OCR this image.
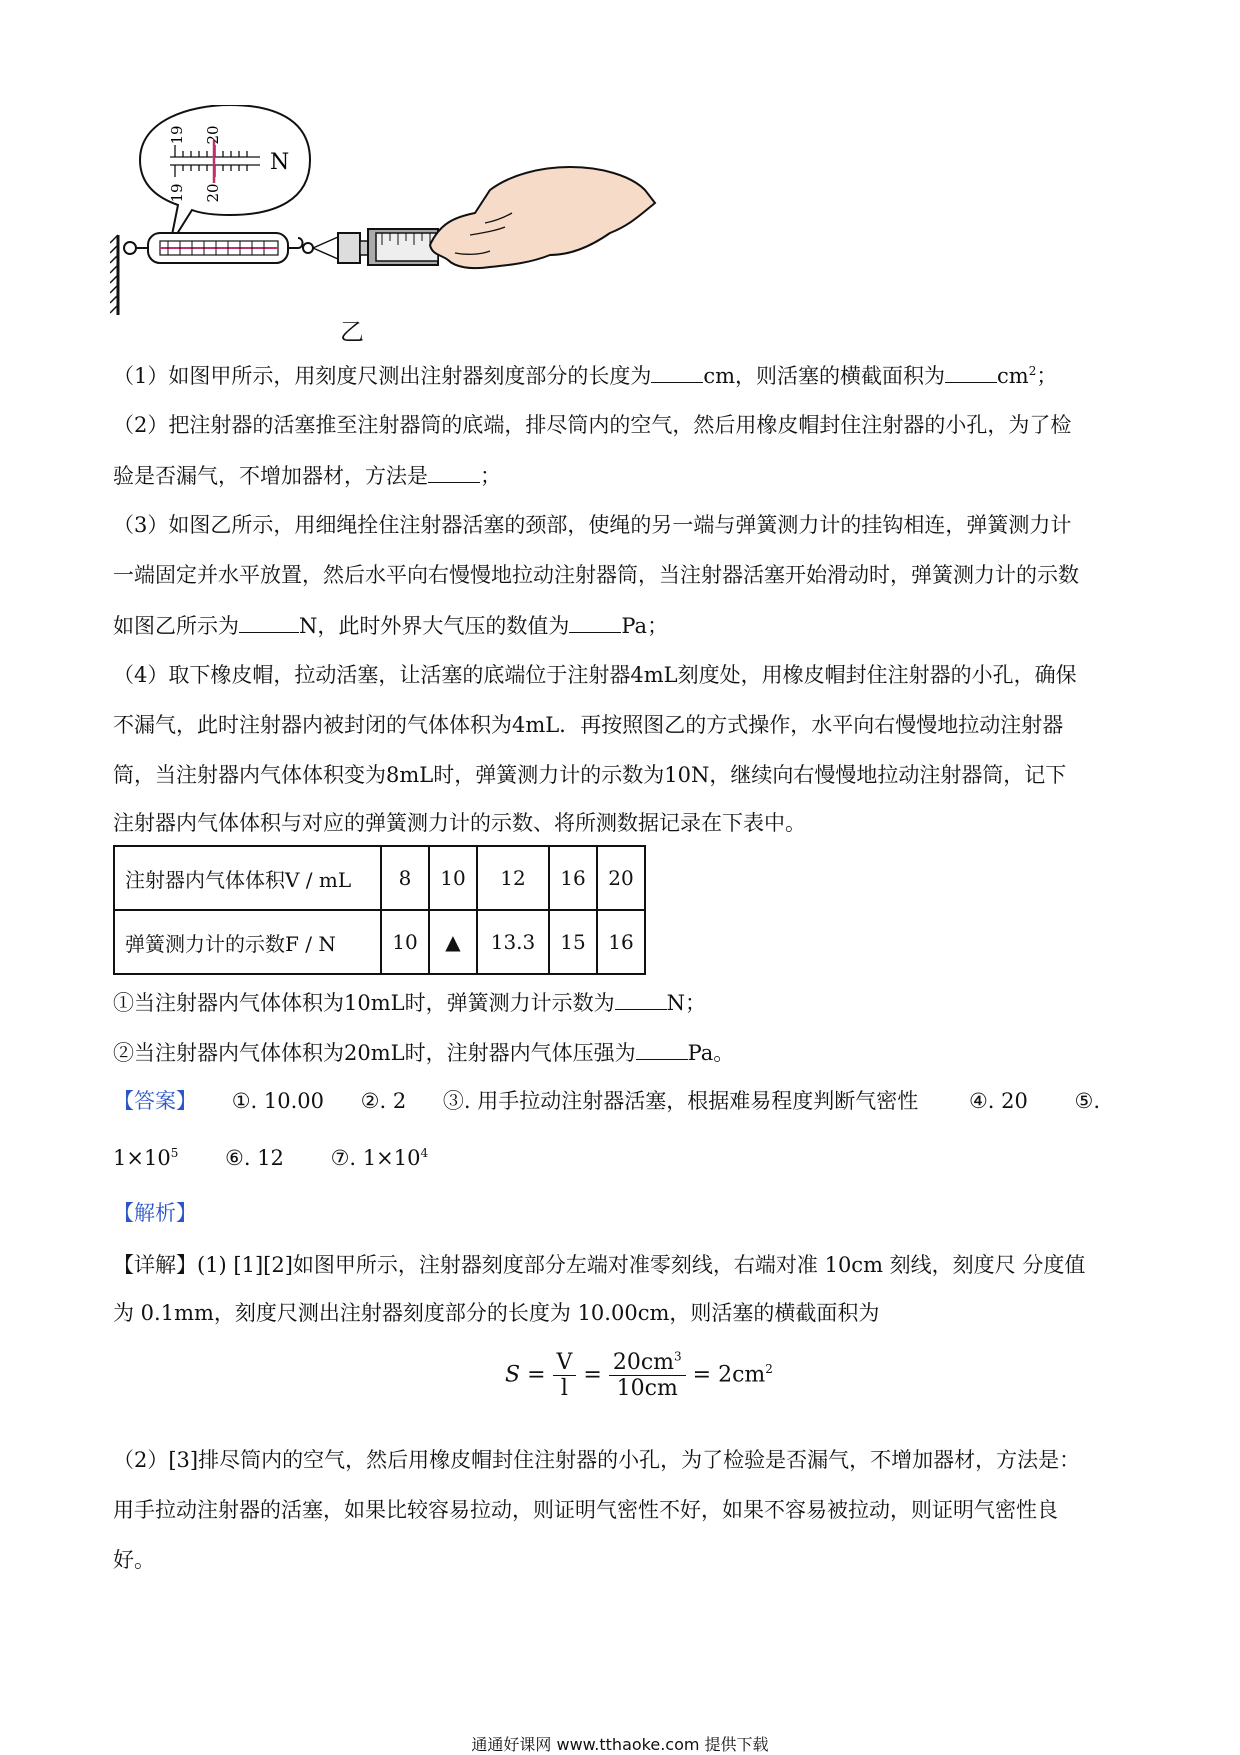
19 20
19 20
N
乙
（1）如图甲所示，用刻度尺测出注射器刻度部分的长度为 cm，则活塞的横截面积为 $cm^2$；
（2）把注射器的活塞推至注射器筒的底端，排尽筒内的空气，然后用橡皮帽封住注射器的小孔，为了检
验是否漏气，不增加器材，方法是 ；
（3）如图乙所示，用细绳拴住注射器活塞的颈部，使绳的另一端与弹簧测力计的挂钩相连，弹簧测力计
一端固定并水平放置，然后水平向右慢慢地拉动注射器筒，当注射器活塞开始滑动时，弹簧测力计的示数
如图乙所示为	N，此时外界大气压的数值为 Pa；
（4）取下橡皮帽，拉动活塞，让活塞的底端位于注射器4mL刻度处，用橡皮帽封住注射器的小孔，确保
不漏气，此时注射器内被封闭的气体体积为4mL．再按照图乙的方式操作，水平向右慢慢地拉动注射器
筒，当注射器内气体体积变为8mL时，弹簧测力计的示数为10N，继续向右慢慢地拉动注射器筒，记下
注射器内气体体积与对应的弹簧测力计的示数、将所测数据记录在下表中。
注射器内气体体积V / mL	8	10	12	16	20
弹簧测力计的示数F / N	10	▲	13.3	15	16
①当注射器内气体体积为10mL时，弹簧测力计示数为 N；
②当注射器内气体体积为20mL时，注射器内气体压强为 Pa。
【答案】 ①. 10.00 ②. 2 ③. 用手拉动注射器活塞，根据难易程度判断气密性 ④. 20 ⑤.
$1\times 10^5$ ⑥. 12 ⑦. $1\times 10^4$
【解析】
【详解】(1) [1][2]如图甲所示，注射器刻度部分左端对准零刻线，右端对准 10cm 刻线，刻度尺 分度值
为 0.1mm，刻度尺测出注射器刻度部分的长度为 10.00cm，则活塞的横截面积为
$S = \frac{V}{l} = \frac{20cm^3}{10cm} = 2cm^2$
（2）[3]排尽筒内的空气，然后用橡皮帽封住注射器的小孔，为了检验是否漏气，不增加器材，方法是：
用手拉动注射器的活塞，如果比较容易拉动，则证明气密性不好，如果不容易被拉动，则证明气密性良
好。
通通好课网 www.tthaoke.com 提供下载
